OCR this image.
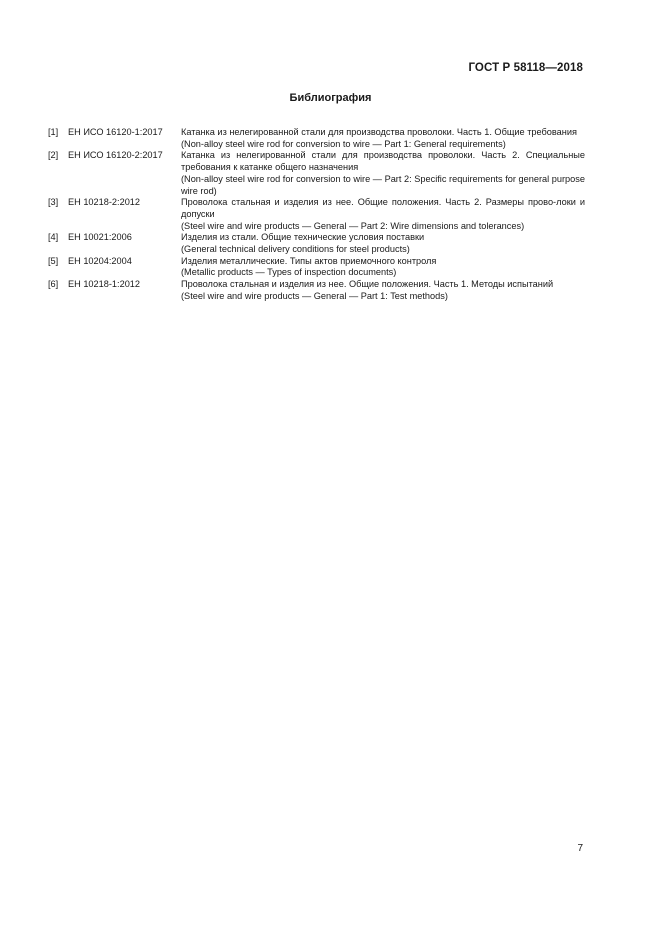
ГОСТ Р 58118—2018
Библиография
[1]	ЕН ИСО 16120-1:2017	Катанка из нелегированной стали для производства проволоки. Часть 1. Общие требования
(Non-alloy steel wire rod for conversion to wire — Part 1: General requirements)
[2]	ЕН ИСО 16120-2:2017	Катанка из нелегированной стали для производства проволоки. Часть 2. Специальные требования к катанке общего назначения
(Non-alloy steel wire rod for conversion to wire — Part 2: Specific requirements for general purpose wire rod)
[3]	ЕН 10218-2:2012	Проволока стальная и изделия из нее. Общие положения. Часть 2. Размеры прово-локи и допуски
(Steel wire and wire products — General — Part 2: Wire dimensions and tolerances)
[4]	ЕН 10021:2006	Изделия из стали. Общие технические условия поставки
(General technical delivery conditions for steel products)
[5]	ЕН 10204:2004	Изделия металлические. Типы актов приемочного контроля
(Metallic products — Types of inspection documents)
[6]	ЕН 10218-1:2012	Проволока стальная и изделия из нее. Общие положения. Часть 1. Методы испытаний
(Steel wire and wire products — General — Part 1: Test methods)
7
